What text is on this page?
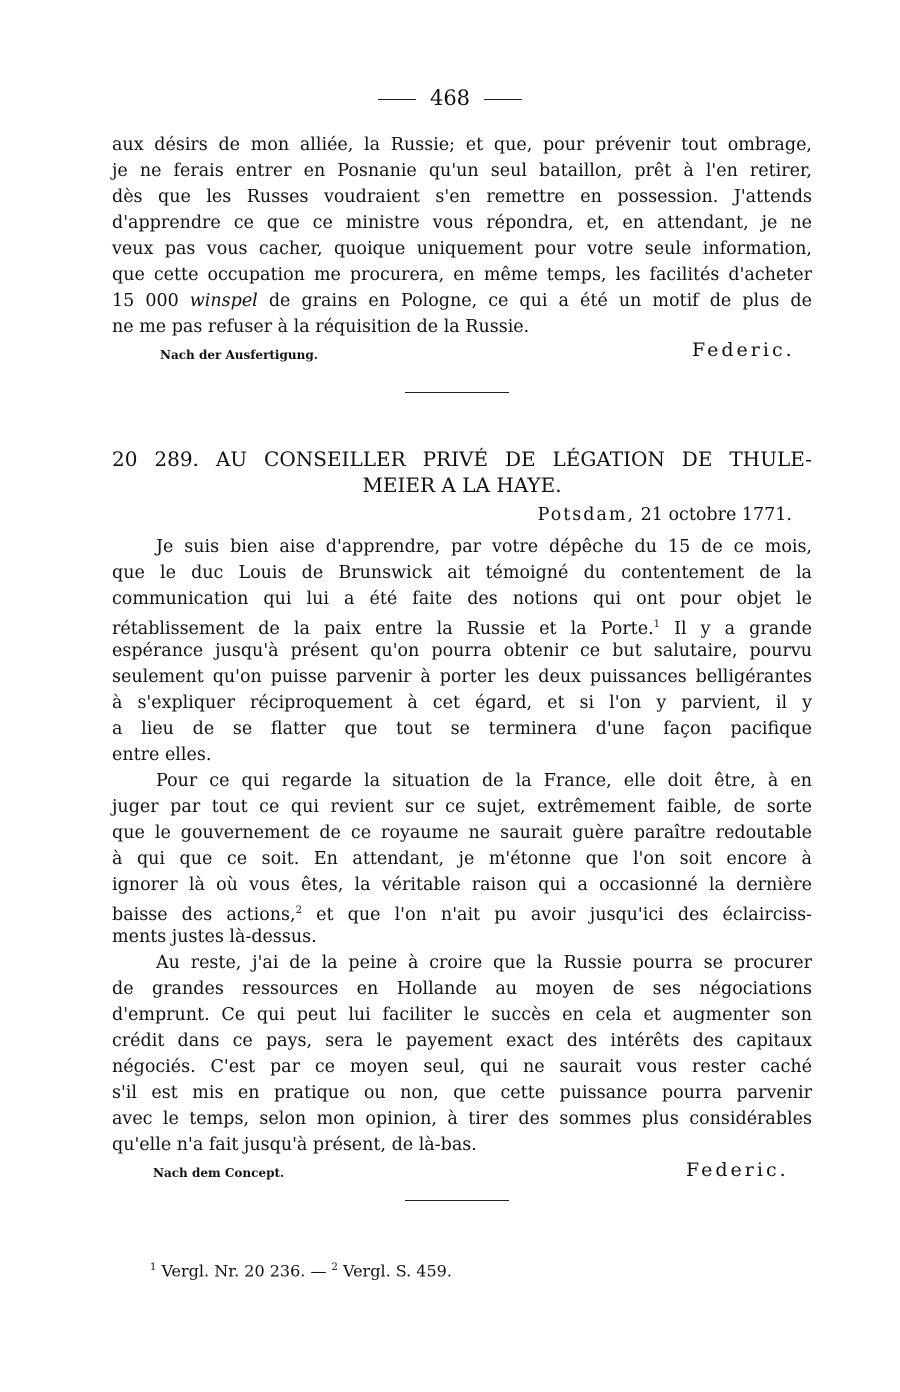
468
aux désirs de mon alliée, la Russie; et que, pour prévenir tout ombrage,
je ne ferais entrer en Posnanie qu'un seul bataillon, prêt à l'en retirer,
dès que les Russes voudraient s'en remettre en possession. J'attends
d'apprendre ce que ce ministre vous répondra, et, en attendant, je ne
veux pas vous cacher, quoique uniquement pour votre seule information,
que cette occupation me procurera, en même temps, les facilités d'acheter
15 000 winspel de grains en Pologne, ce qui a été un motif de plus de
ne me pas refuser à la réquisition de la Russie.
Nach der Ausfertigung.	Federic.
20 289. AU CONSEILLER PRIVÉ DE LÉGATION DE THULE-
MEIER A LA HAYE.
Potsdam, 21 octobre 1771.
Je suis bien aise d'apprendre, par votre dépêche du 15 de ce mois,
que le duc Louis de Brunswick ait témoigné du contentement de la
communication qui lui a été faite des notions qui ont pour objet le
rétablissement de la paix entre la Russie et la Porte.$^1$ Il y a grande
espérance jusqu'à présent qu'on pourra obtenir ce but salutaire, pourvu
seulement qu'on puisse parvenir à porter les deux puissances belligérantes
à s'expliquer réciproquement à cet égard, et si l'on y parvient, il y
a lieu de se flatter que tout se terminera d'une façon pacifique
entre elles.
Pour ce qui regarde la situation de la France, elle doit être, à en
juger par tout ce qui revient sur ce sujet, extrêmement faible, de sorte
que le gouvernement de ce royaume ne saurait guère paraître redoutable
à qui que ce soit. En attendant, je m'étonne que l'on soit encore à
ignorer là où vous êtes, la véritable raison qui a occasionné la dernière
baisse des actions,$^2$ et que l'on n'ait pu avoir jusqu'ici des éclairciss-
ments justes là-dessus.
Au reste, j'ai de la peine à croire que la Russie pourra se procurer
de grandes ressources en Hollande au moyen de ses négociations
d'emprunt. Ce qui peut lui faciliter le succès en cela et augmenter son
crédit dans ce pays, sera le payement exact des intérêts des capitaux
négociés. C'est par ce moyen seul, qui ne saurait vous rester caché
s'il est mis en pratique ou non, que cette puissance pourra parvenir
avec le temps, selon mon opinion, à tirer des sommes plus considérables
qu'elle n'a fait jusqu'à présent, de là-bas.
Nach dem Concept.	Federic.
$^1$ Vergl. Nr. 20 236. — $^2$ Vergl. S. 459.
